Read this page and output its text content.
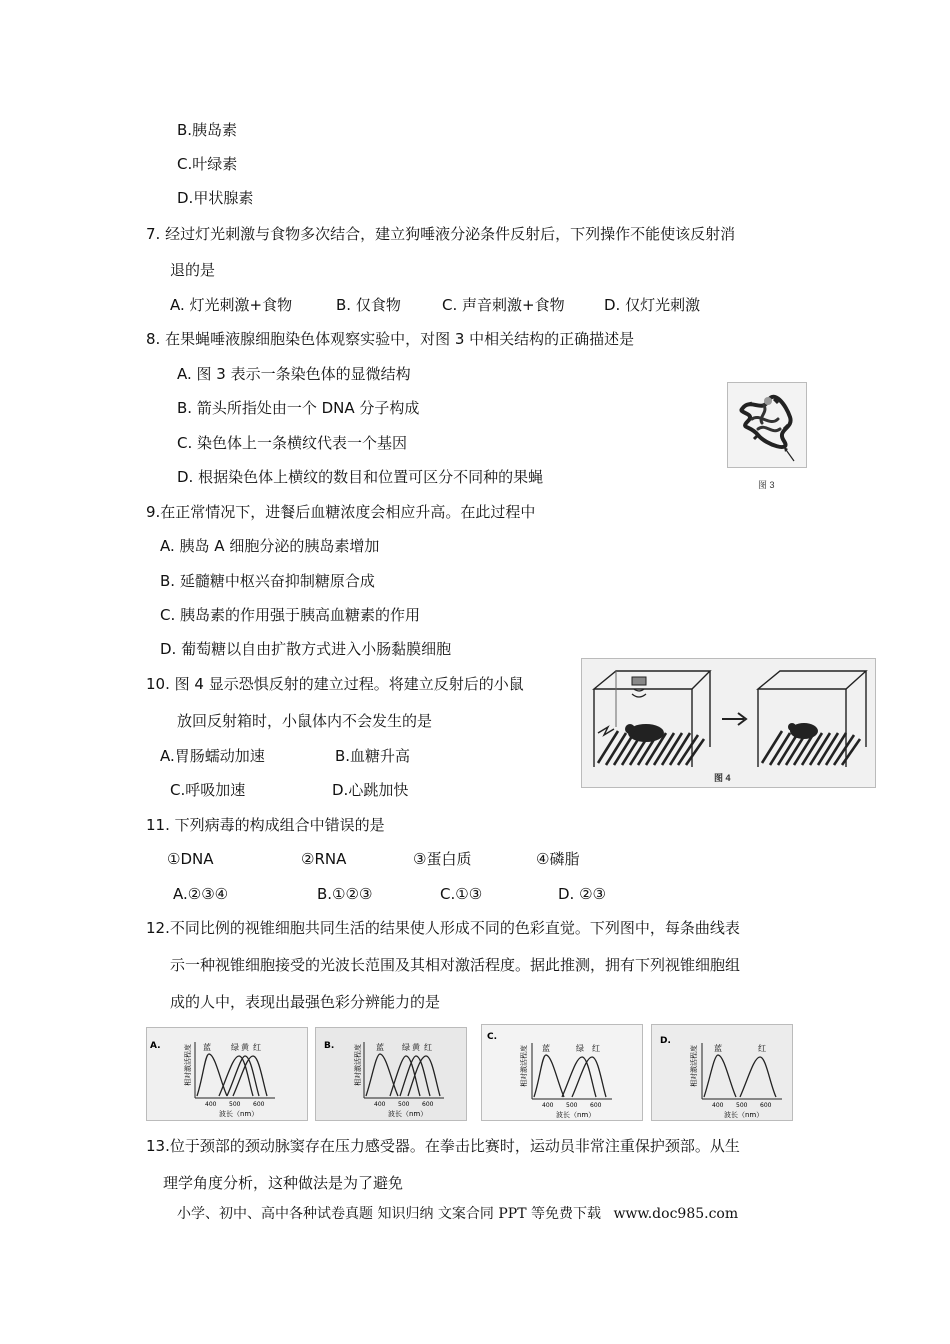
B.胰岛素
C.叶绿素
D.甲状腺素
7. 经过灯光刺激与食物多次结合，建立狗唾液分泌条件反射后，下列操作不能使该反射消
退的是
A. 灯光刺激+食物	B. 仅食物	C. 声音刺激+食物	D. 仅灯光刺激
8. 在果蝇唾液腺细胞染色体观察实验中，对图 3 中相关结构的正确描述是
A. 图 3 表示一条染色体的显微结构
B. 箭头所指处由一个 DNA 分子构成
C. 染色体上一条横纹代表一个基因
D. 根据染色体上横纹的数目和位置可区分不同种的果蝇	图 3
9.在正常情况下，进餐后血糖浓度会相应升高。在此过程中
A. 胰岛 A 细胞分泌的胰岛素增加
B. 延髓糖中枢兴奋抑制糖原合成
C. 胰岛素的作用强于胰高血糖素的作用
D. 葡萄糖以自由扩散方式进入小肠黏膜细胞
10. 图 4 显示恐惧反射的建立过程。将建立反射后的小鼠
放回反射箱时，小鼠体内不会发生的是
A.胃肠蠕动加速	B.血糖升高
C.呼吸加速	D.心跳加快
图 4
11. 下列病毒的构成组合中错误的是
①DNA	②RNA	③蛋白质	④磷脂
A.②③④	B.①②③	C.①③	D. ②③
12.不同比例的视锥细胞共同生活的结果使人形成不同的色彩直觉。下列图中，每条曲线表
示一种视锥细胞接受的光波长范围及其相对激活程度。据此推测，拥有下列视锥细胞组
成的人中，表现出最强色彩分辨能力的是
A.	相对激活程度
400 500 600
波长（nm）
蓝	绿 黄 红	B.	相对激活程度
400 500 600
波长（nm）
蓝 绿 黄 红
C.
相对激活程度
400 500 600
波长（nm）
蓝	绿 红
D.
相对激活程度
400 500 600
波长（nm）
蓝	红
13.位于颈部的颈动脉窦存在压力感受器。在拳击比赛时，运动员非常注重保护颈部。从生
理学角度分析，这种做法是为了避免
小学、初中、高中各种试卷真题 知识归纳 文案合同 PPT 等免费下载 www.doc985.com
